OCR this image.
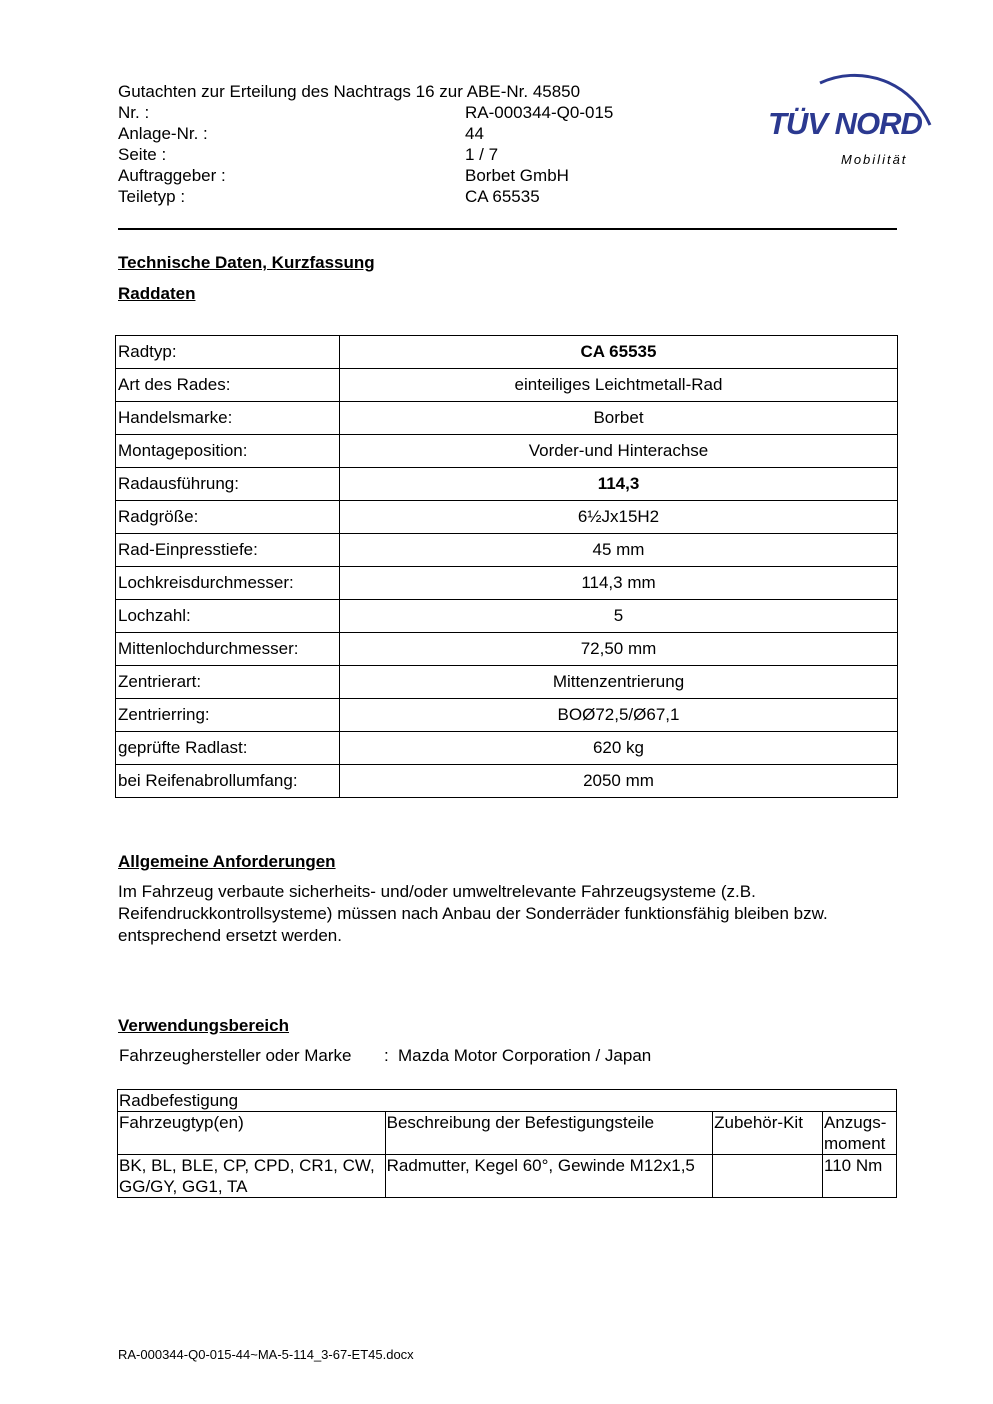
Gutachten zur Erteilung des Nachtrags 16 zur ABE-Nr. 45850
Nr. :	RA-000344-Q0-015
Anlage-Nr. :	44
Seite :	1 / 7
Auftraggeber :	Borbet GmbH
Teiletyp :	CA 65535
TÜV NORD
Mobilität
Technische Daten, Kurzfassung
Raddaten
Radtyp:	CA 65535
Art des Rades:	einteiliges Leichtmetall-Rad
Handelsmarke:	Borbet
Montageposition:	Vorder-und Hinterachse
Radausführung:	114,3
Radgröße:	6½Jx15H2
Rad-Einpresstiefe:	45 mm
Lochkreisdurchmesser:	114,3 mm
Lochzahl:	5
Mittenlochdurchmesser:	72,50 mm
Zentrierart:	Mittenzentrierung
Zentrierring:	BOØ72,5/Ø67,1
geprüfte Radlast:	620 kg
bei Reifenabrollumfang:	2050 mm
Allgemeine Anforderungen
Im Fahrzeug verbaute sicherheits- und/oder umweltrelevante Fahrzeugsysteme (z.B. Reifendruckkontrollsysteme) müssen nach Anbau der Sonderräder funktionsfähig bleiben bzw. entsprechend ersetzt werden.
Verwendungsbereich
Fahrzeughersteller oder Marke : Mazda Motor Corporation / Japan
Radbefestigung			
Fahrzeugtyp(en)	Beschreibung der Befestigungsteile	Zubehör-Kit	Anzugs-
moment
BK, BL, BLE, CP, CPD, CR1, CW, GG/GY, GG1, TA	Radmutter, Kegel 60°, Gewinde M12x1,5		110 Nm
RA-000344-Q0-015-44~MA-5-114_3-67-ET45.docx
